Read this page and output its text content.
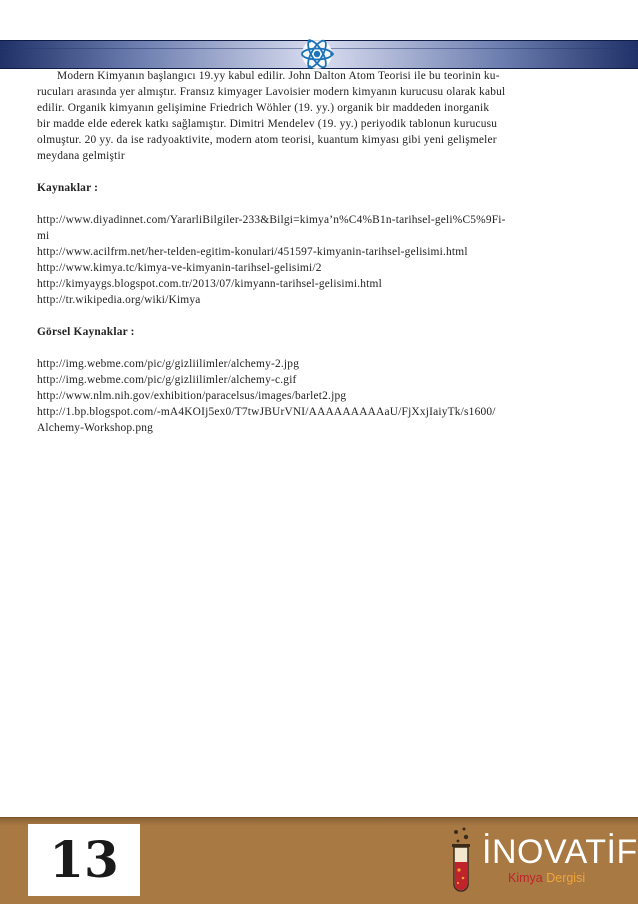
Modern Kimyanın başlangıcı 19.yy kabul edilir. John Dalton Atom Teorisi ile bu teorinin ku-
rucuları arasında yer almıştır. Fransız kimyager Lavoisier modern kimyanın kurucusu olarak kabul
edilir. Organik kimyanın gelişimine Friedrich Wöhler (19. yy.) organik bir maddeden inorganik
bir madde elde ederek katkı sağlamıştır. Dimitri Mendelev (19. yy.) periyodik tablonun kurucusu
olmuştur. 20 yy. da ise radyoaktivite, modern atom teorisi, kuantum kimyası gibi yeni gelişmeler
meydana gelmiştir

Kaynaklar :
http://www.diyadinnet.com/YararliBilgiler-233&Bilgi=kimya’n%C4%B1n-tarihsel-geli%C5%9Fi-
mi
http://www.acilfrm.net/her-telden-egitim-konulari/451597-kimyanin-tarihsel-gelisimi.html
http://www.kimya.tc/kimya-ve-kimyanin-tarihsel-gelisimi/2
http://kimyaygs.blogspot.com.tr/2013/07/kimyann-tarihsel-gelisimi.html
http://tr.wikipedia.org/wiki/Kimya
Görsel Kaynaklar :
http://img.webme.com/pic/g/gizliilimler/alchemy-2.jpg
http://img.webme.com/pic/g/gizliilimler/alchemy-c.gif
http://www.nlm.nih.gov/exhibition/paracelsus/images/barlet2.jpg
http://1.bp.blogspot.com/-mA4KOIj5ex0/T7twJBUrVNI/AAAAAAAAAaU/FjXxjIaiyTk/s1600/
Alchemy-Workshop.png
13	İNOVATİF
Kimya Dergisi
